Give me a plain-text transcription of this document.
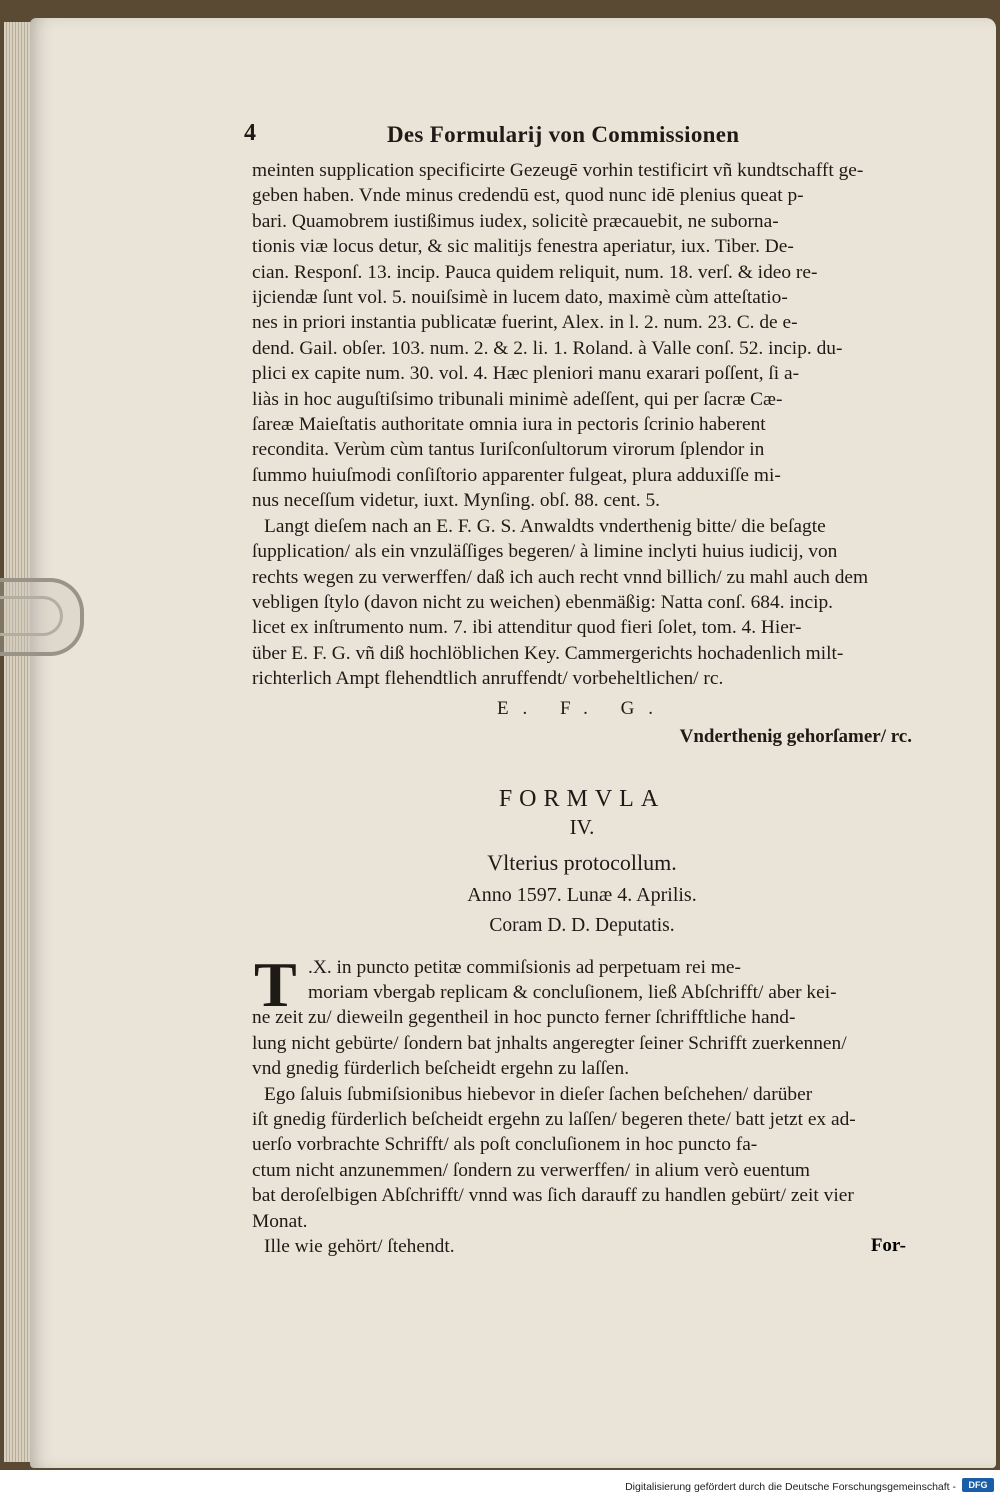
4	Des Formularij von Commissionen
meinten supplication specificirte Gezeugē vorhin testificirt vñ kundtschafft ge-
geben haben. Vnde minus credendū est, quod nunc idē plenius queat p-
bari. Quamobrem iustißimus iudex, solicitè præcauebit, ne suborna-
tionis viæ locus detur, & sic malitijs fenestra aperiatur, iux. Tiber. De-
cian. Responſ. 13. incip. Pauca quidem reliquit, num. 18. verſ. & ideo re-
ijciendæ ſunt vol. 5. nouiſsimè in lucem dato, maximè cùm atteſtatio-
nes in priori instantia publicatæ fuerint, Alex. in l. 2. num. 23. C. de e-
dend. Gail. obſer. 103. num. 2. & 2. li. 1. Roland. à Valle conſ. 52. incip. du-
plici ex capite num. 30. vol. 4. Hæc pleniori manu exarari poſſent, ſi a-
liàs in hoc auguſtiſsimo tribunali minimè adeſſent, qui per ſacræ Cæ-
ſareæ Maieſtatis authoritate omnia iura in pectoris ſcrinio haberent
recondita. Verùm cùm tantus Iuriſconſultorum virorum ſplendor in
ſummo huiuſmodi conſiſtorio apparenter fulgeat, plura adduxiſſe mi-
nus neceſſum videtur, iuxt. Mynſing. obſ. 88. cent. 5.
Langt dieſem nach an E. F. G. S. Anwaldts vnderthenig bitte/ die beſagte
ſupplication/ als ein vnzuläſſiges begeren/ à limine inclyti huius iudicij, von
rechts wegen zu verwerffen/ daß ich auch recht vnnd billich/ zu mahl auch dem
vebligen ſtylo (davon nicht zu weichen) ebenmäßig: Natta conſ. 684. incip.
licet ex inſtrumento num. 7. ibi attenditur quod fieri ſolet, tom. 4. Hier-
über E. F. G. vñ diß hochlöblichen Key. Cammergerichts hochadenlich milt-
richterlich Ampt flehendtlich anruffendt/ vorbeheltlichen/ rc.
E. F. G.
Vnderthenig gehorſamer/ rc.
FORMVLA
IV.
Vlterius protocollum.
Anno 1597. Lunæ 4. Aprilis.
Coram D. D. Deputatis.
T .X. in puncto petitæ commiſsionis ad perpetuam rei me-
moriam vbergab replicam & concluſionem, ließ Abſchrifft/ aber kei-
ne zeit zu/ dieweiln gegentheil in hoc puncto ferner ſchrifftliche hand-
lung nicht gebürte/ ſondern bat jnhalts angeregter ſeiner Schrifft zuerkennen/
vnd gnedig fürderlich beſcheidt ergehn zu laſſen.
Ego ſaluis ſubmiſsionibus hiebevor in dieſer ſachen beſchehen/ darüber
iſt gnedig fürderlich beſcheidt ergehn zu laſſen/ begeren thete/ batt jetzt ex ad-
uerſo vorbrachte Schrifft/ als poſt concluſionem in hoc puncto fa-
ctum nicht anzunemmen/ ſondern zu verwerffen/ in alium verò euentum
bat deroſelbigen Abſchrifft/ vnnd was ſich darauff zu handlen gebürt/ zeit vier
Monat.
Ille wie gehört/ ſtehendt.	For-
Digitalisierung gefördert durch die Deutsche Forschungsgemeinschaft -	DFG
